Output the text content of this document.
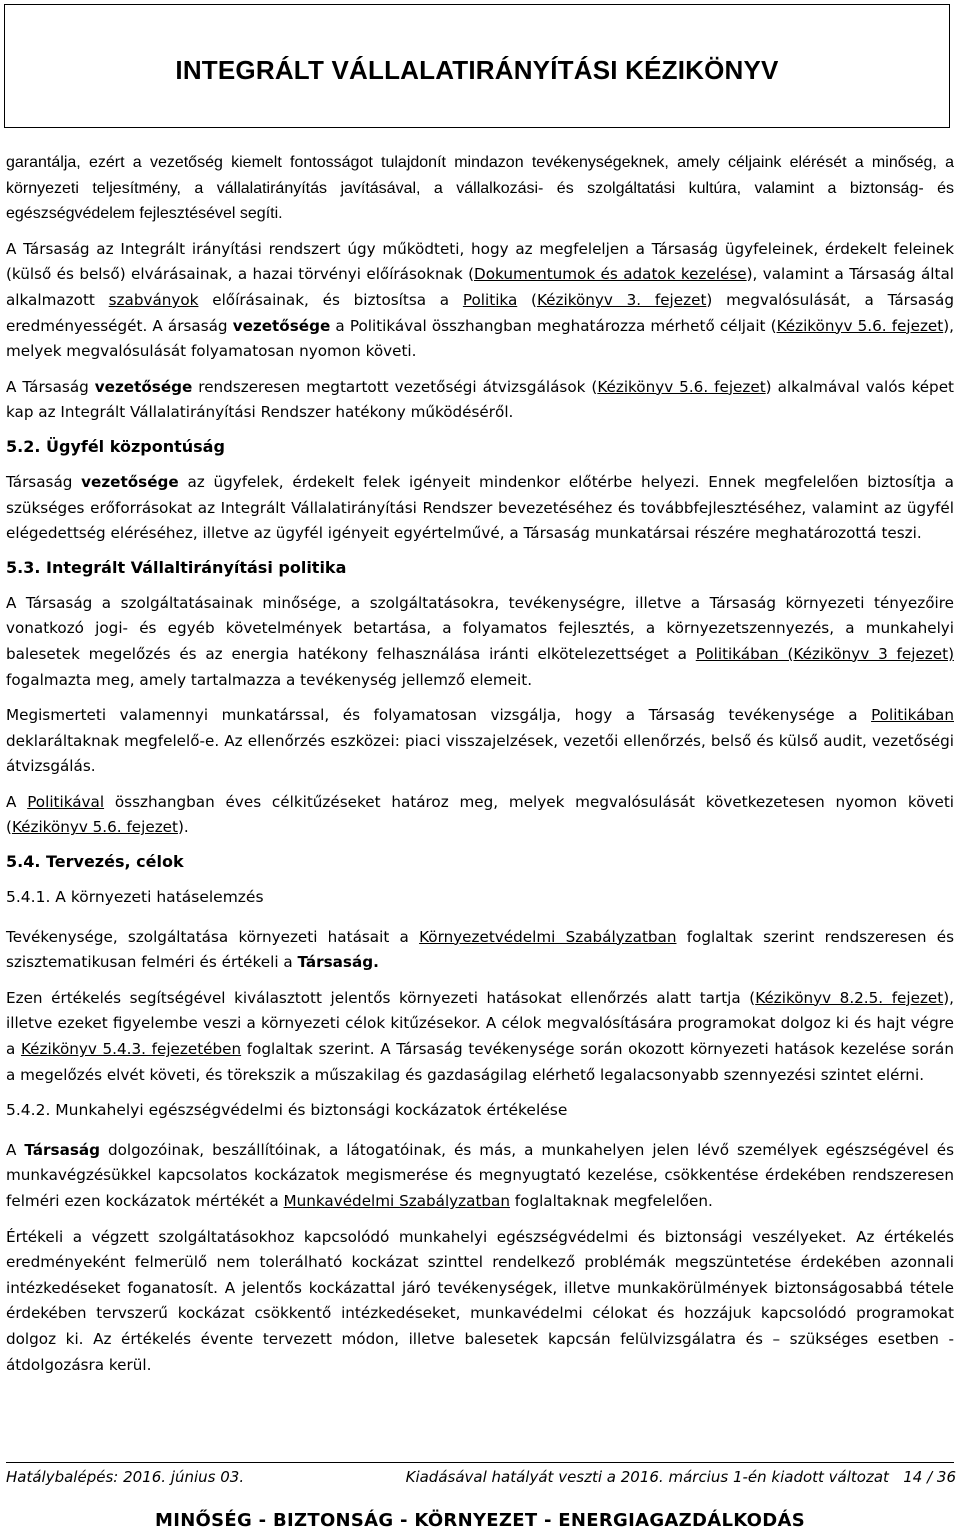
INTEGRÁLT VÁLLALATIRÁNYÍTÁSI KÉZIKÖNYV

garantálja, ezért a vezetőség kiemelt fontosságot tulajdonít mindazon tevékenységeknek, amely céljaink elérését a minőség, a környezeti teljesítmény, a vállalatirányítás javításával, a vállalkozási- és szolgáltatási kultúra, valamint a biztonság- és egészségvédelem fejlesztésével segíti.

A Társaság az Integrált irányítási rendszert úgy működteti, hogy az megfeleljen a Társaság ügyfeleinek, érdekelt feleinek (külső és belső) elvárásainak, a hazai törvényi előírásoknak (Dokumentumok és adatok kezelése), valamint a Társaság által alkalmazott szabványok előírásainak, és biztosítsa a Politika (Kézikönyv 3. fejezet) megvalósulását, a Társaság eredményességét. A ársaság vezetősége a Politikával összhangban meghatározza mérhető céljait (Kézikönyv 5.6. fejezet), melyek megvalósulását folyamatosan nyomon követi.

A Társaság vezetősége rendszeresen megtartott vezetőségi átvizsgálások (Kézikönyv 5.6. fejezet) alkalmával valós képet kap az Integrált Vállalatirányítási Rendszer hatékony működéséről.

5.2. Ügyfél központúság

Társaság vezetősége az ügyfelek, érdekelt felek igényeit mindenkor előtérbe helyezi. Ennek megfelelően biztosítja a szükséges erőforrásokat az Integrált Vállalatirányítási Rendszer bevezetéséhez és továbbfejlesztéséhez, valamint az ügyfél elégedettség eléréséhez, illetve az ügyfél igényeit egyértelművé, a Társaság munkatársai részére meghatározottá teszi.

5.3. Integrált Vállaltirányítási politika

A Társaság a szolgáltatásainak minősége, a szolgáltatásokra, tevékenységre, illetve a Társaság környezeti tényezőire vonatkozó jogi- és egyéb követelmények betartása, a folyamatos fejlesztés, a környezetszennyezés, a munkahelyi balesetek megelőzés és az energia hatékony felhasználása iránti elkötelezettséget a Politikában (Kézikönyv 3 fejezet) fogalmazta meg, amely tartalmazza a tevékenység jellemző elemeit.

Megismerteti valamennyi munkatárssal, és folyamatosan vizsgálja, hogy a Társaság tevékenysége a Politikában deklaráltaknak megfelelő-e. Az ellenőrzés eszközei: piaci visszajelzések, vezetői ellenőrzés, belső és külső audit, vezetőségi átvizsgálás.

A Politikával összhangban éves célkitűzéseket határoz meg, melyek megvalósulását következetesen nyomon követi (Kézikönyv 5.6. fejezet).

5.4. Tervezés, célok
5.4.1. A környezeti hatáselemzés

Tevékenysége, szolgáltatása környezeti hatásait a Környezetvédelmi Szabályzatban foglaltak szerint rendszeresen és szisztematikusan felméri és értékeli a Társaság.

Ezen értékelés segítségével kiválasztott jelentős környezeti hatásokat ellenőrzés alatt tartja (Kézikönyv 8.2.5. fejezet), illetve ezeket figyelembe veszi a környezeti célok kitűzésekor. A célok megvalósítására programokat dolgoz ki és hajt végre a Kézikönyv 5.4.3. fejezetében foglaltak szerint. A Társaság tevékenysége során okozott környezeti hatások kezelése során a megelőzés elvét követi, és törekszik a műszakilag és gazdaságilag elérhető legalacsonyabb szennyezési szintet elérni.

5.4.2. Munkahelyi egészségvédelmi és biztonsági kockázatok értékelése

A Társaság dolgozóinak, beszállítóinak, a látogatóinak, és más, a munkahelyen jelen lévő személyek egészségével és munkavégzésükkel kapcsolatos kockázatok megismerése és megnyugtató kezelése, csökkentése érdekében rendszeresen felméri ezen kockázatok mértékét a Munkavédelmi Szabályzatban foglaltaknak megfelelően.

Értékeli a végzett szolgáltatásokhoz kapcsolódó munkahelyi egészségvédelmi és biztonsági veszélyeket. Az értékelés eredményeként felmerülő nem tolerálható kockázat szinttel rendelkező problémák megszüntetése érdekében azonnali intézkedéseket foganatosít. A jelentős kockázattal járó tevékenységek, illetve munkakörülmények biztonságosabbá tétele érdekében tervszerű kockázat csökkentő intézkedéseket, munkavédelmi célokat és hozzájuk kapcsolódó programokat dolgoz ki. Az értékelés évente tervezett módon, illetve balesetek kapcsán felülvizsgálatra és – szükséges esetben - átdolgozásra kerül.

Hatálybalépés: 2016. június 03.	Kiadásával hatályát veszti a 2016. március 1-én kiadott változat   14 / 36
MINŐSÉG - BIZTONSÁG - KÖRNYEZET - ENERGIAGAZDÁLKODÁS
